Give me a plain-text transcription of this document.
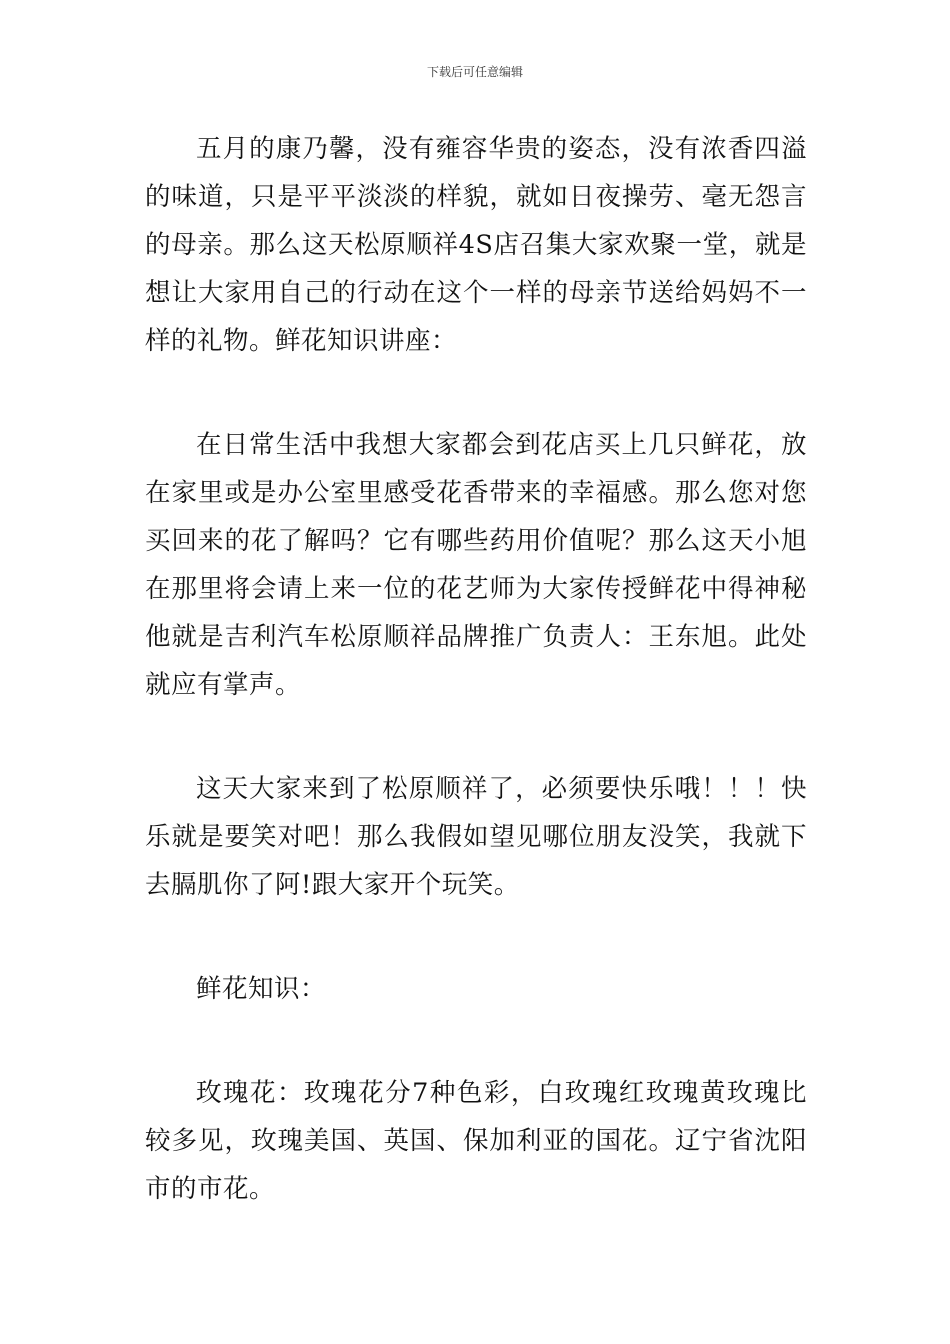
下载后可任意编辑

五月的康乃馨，没有雍容华贵的姿态，没有浓香四溢的味道，只是平平淡淡的样貌，就如日夜操劳、毫无怨言的母亲。那么这天松原顺祥4S店召集大家欢聚一堂，就是想让大家用自己的行动在这个一样的母亲节送给妈妈不一样的礼物。鲜花知识讲座：

在日常生活中我想大家都会到花店买上几只鲜花，放在家里或是办公室里感受花香带来的幸福感。那么您对您买回来的花了解吗？它有哪些药用价值呢？那么这天小旭在那里将会请上来一位的花艺师为大家传授鲜花中得神秘他就是吉利汽车松原顺祥品牌推广负责人：王东旭。此处就应有掌声。

这天大家来到了松原顺祥了，必须要快乐哦！！！快乐就是要笑对吧！那么我假如望见哪位朋友没笑，我就下去膈肌你了阿!跟大家开个玩笑。

鲜花知识：

玫瑰花：玫瑰花分7种色彩，白玫瑰红玫瑰黄玫瑰比较多见，玫瑰美国、英国、保加利亚的国花。辽宁省沈阳市的市花。
